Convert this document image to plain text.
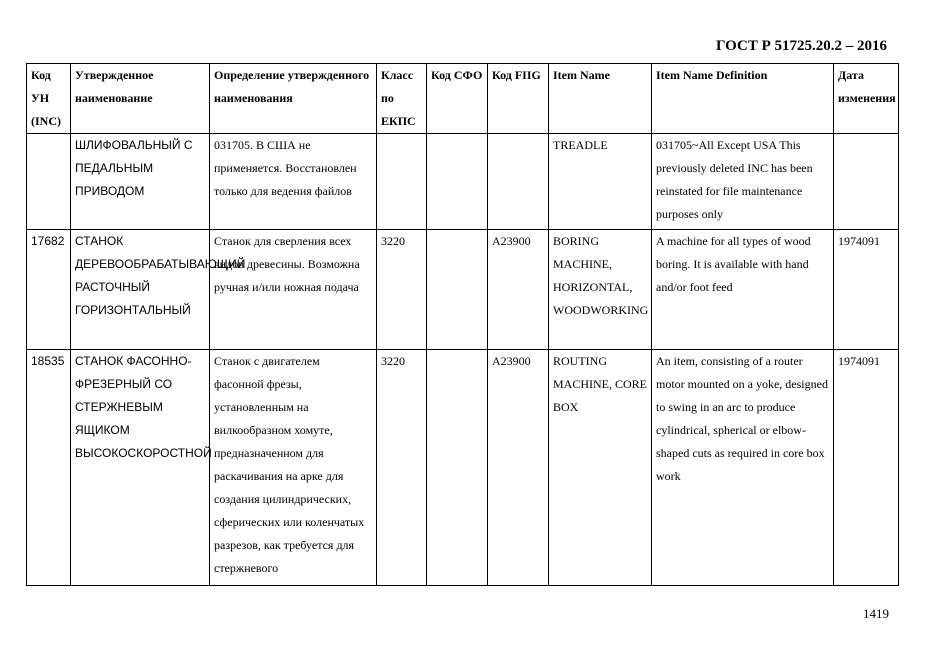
ГОСТ Р 51725.20.2 – 2016
Код УН (INC)	Утвержденное наименование	Определение утвержденного наименования	Класс по ЕКПС	Код СФО	Код FIIG	Item Name	Item Name Definition	Дата изменения
	ШЛИФОВАЛЬНЫЙ С ПЕДАЛЬНЫМ ПРИВОДОМ	031705. В США не применяется. Восстановлен только для ведения файлов				TREADLE	031705~All Except USA This previously deleted INC has been reinstated for file maintenance purposes only	
17682	СТАНОК ДЕРЕВООБРАБАТЫВАЮЩИЙ РАСТОЧНЫЙ ГОРИЗОНТАЛЬНЫЙ	Станок для сверления всех видов древесины. Возможна ручная и/или ножная подача	3220		A23900	BORING MACHINE, HORIZONTAL, WOODWORKING	A machine for all types of wood boring. It is available with hand and/or foot feed	1974091
18535	СТАНОК ФАСОННО-ФРЕЗЕРНЫЙ СО СТЕРЖНЕВЫМ ЯЩИКОМ ВЫСОКОСКОРОСТНОЙ	Станок с двигателем фасонной фрезы, установленным на вилкообразном хомуте, предназначенном для раскачивания на арке для создания цилиндрических, сферических или коленчатых разрезов, как требуется для стержневого	3220		A23900	ROUTING MACHINE, CORE BOX	An item, consisting of a router motor mounted on a yoke, designed to swing in an arc to produce cylindrical, spherical or elbow-shaped cuts as required in core box work	1974091
1419
